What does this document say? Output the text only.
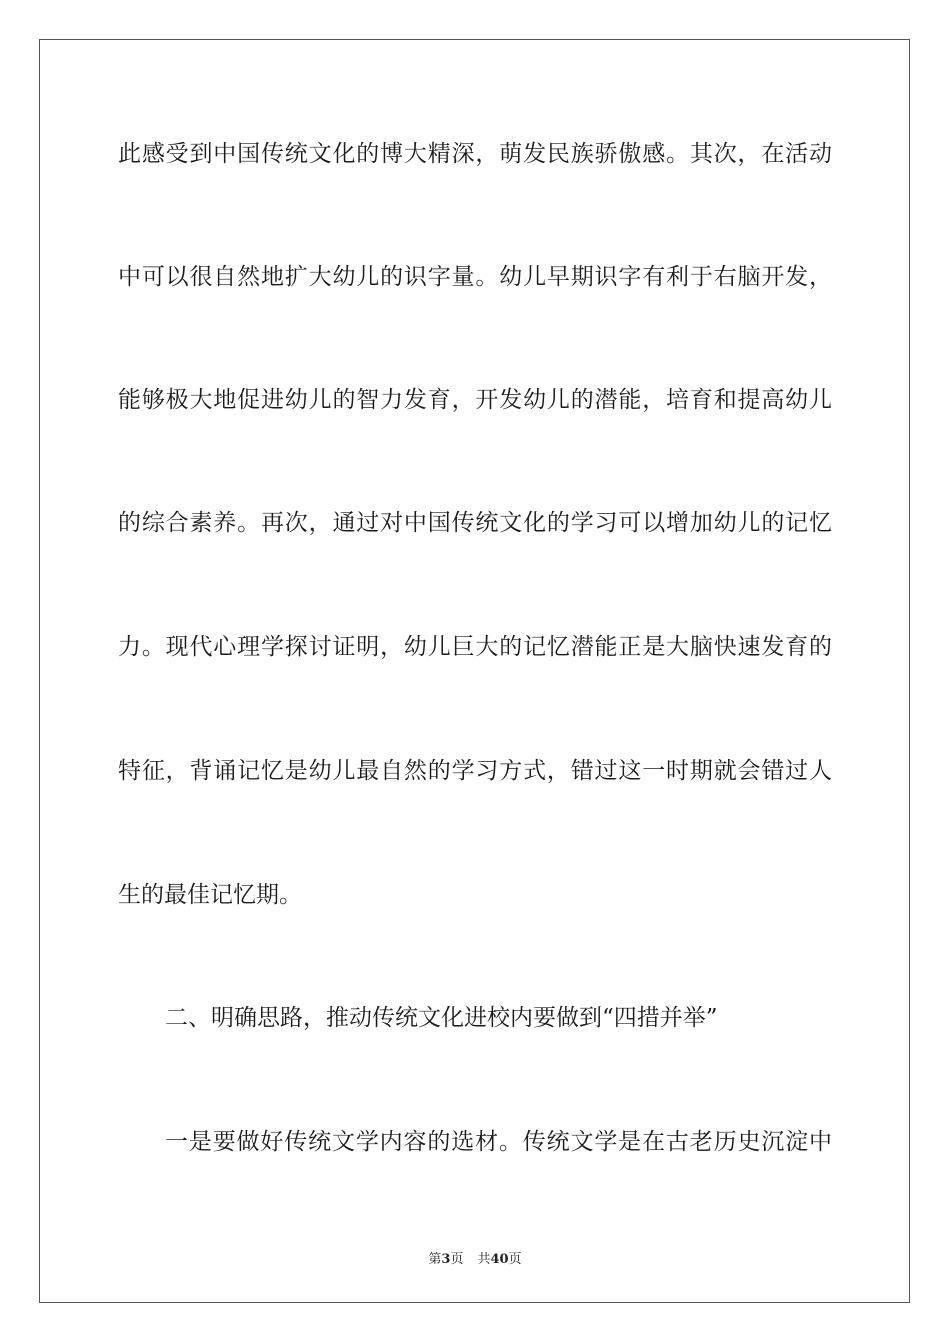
此感受到中国传统文化的博大精深，萌发民族骄傲感。其次，在活动
中可以很自然地扩大幼儿的识字量。幼儿早期识字有利于右脑开发，
能够极大地促进幼儿的智力发育，开发幼儿的潜能，培育和提高幼儿
的综合素养。再次，通过对中国传统文化的学习可以增加幼儿的记忆
力。现代心理学探讨证明，幼儿巨大的记忆潜能正是大脑快速发育的
特征，背诵记忆是幼儿最自然的学习方式，错过这一时期就会错过人
生的最佳记忆期。
二、明确思路，推动传统文化进校内要做到“四措并举”
一是要做好传统文学内容的选材。传统文学是在古老历史沉淀中
第3页 共40页
